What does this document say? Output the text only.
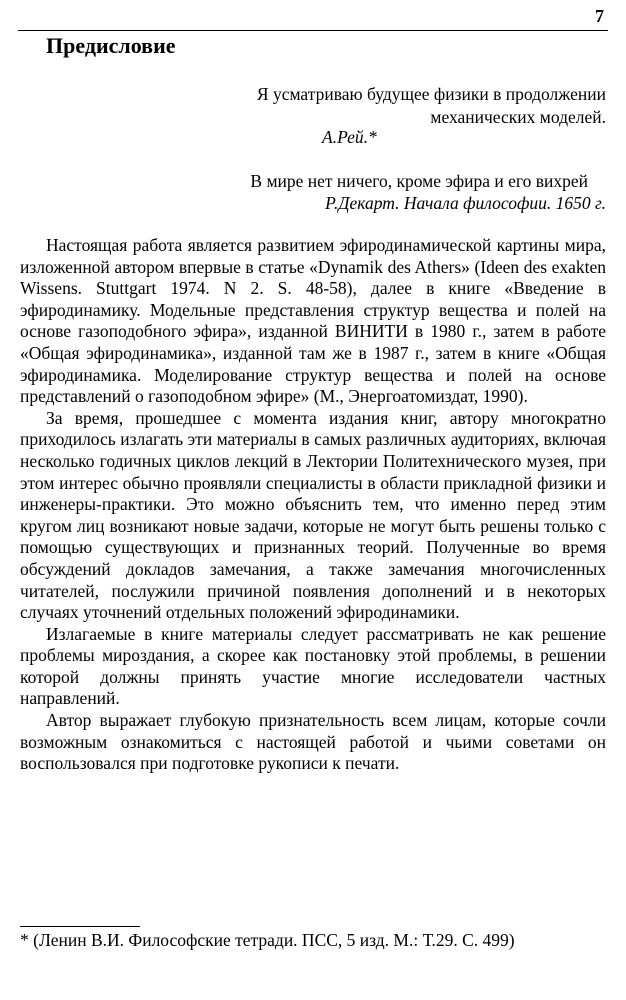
7
Предисловие
Я усматриваю будущее физики в продолжении механических моделей.
А.Рей.*
В мире нет ничего, кроме эфира и его вихрей
Р.Декарт. Начала философии. 1650 г.

Настоящая работа является развитием эфиродинамической картины мира, изложенной автором впервые в статье «Dynamik des Athers» (Ideen des exakten Wissens. Stuttgart 1974. N 2. S. 48-58), далее в книге «Введение в эфиродинамику. Модельные представления структур вещества и полей на основе газоподобного эфира», изданной ВИНИТИ в 1980 г., затем в работе «Общая эфиродинамика», изданной там же в 1987 г., затем в книге «Общая эфиродинамика. Моделирование структур вещества и полей на основе представлений о газоподобном эфире» (М., Энергоатомиздат, 1990).

За время, прошедшее с момента издания книг, автору многократно приходилось излагать эти материалы в самых различных аудиториях, включая несколько годичных циклов лекций в Лектории Политехнического музея, при этом интерес обычно проявляли специалисты в области прикладной физики и инженеры-практики. Это можно объяснить тем, что именно перед этим кругом лиц возникают новые задачи, которые не могут быть решены только с помощью существующих и признанных теорий. Полученные во время обсуждений докладов замечания, а также замечания многочисленных читателей, послужили причиной появления дополнений и в некоторых случаях уточнений отдельных положений эфиродинамики.

Излагаемые в книге материалы следует рассматривать не как решение проблемы мироздания, а скорее как постановку этой проблемы, в решении которой должны принять участие многие исследователи частных направлений.

Автор выражает глубокую признательность всем лицам, которые сочли возможным ознакомиться с настоящей работой и чьими советами он воспользовался при подготовке рукописи к печати.

* (Ленин В.И. Философские тетради. ПСС, 5 изд. М.: Т.29. С. 499)
